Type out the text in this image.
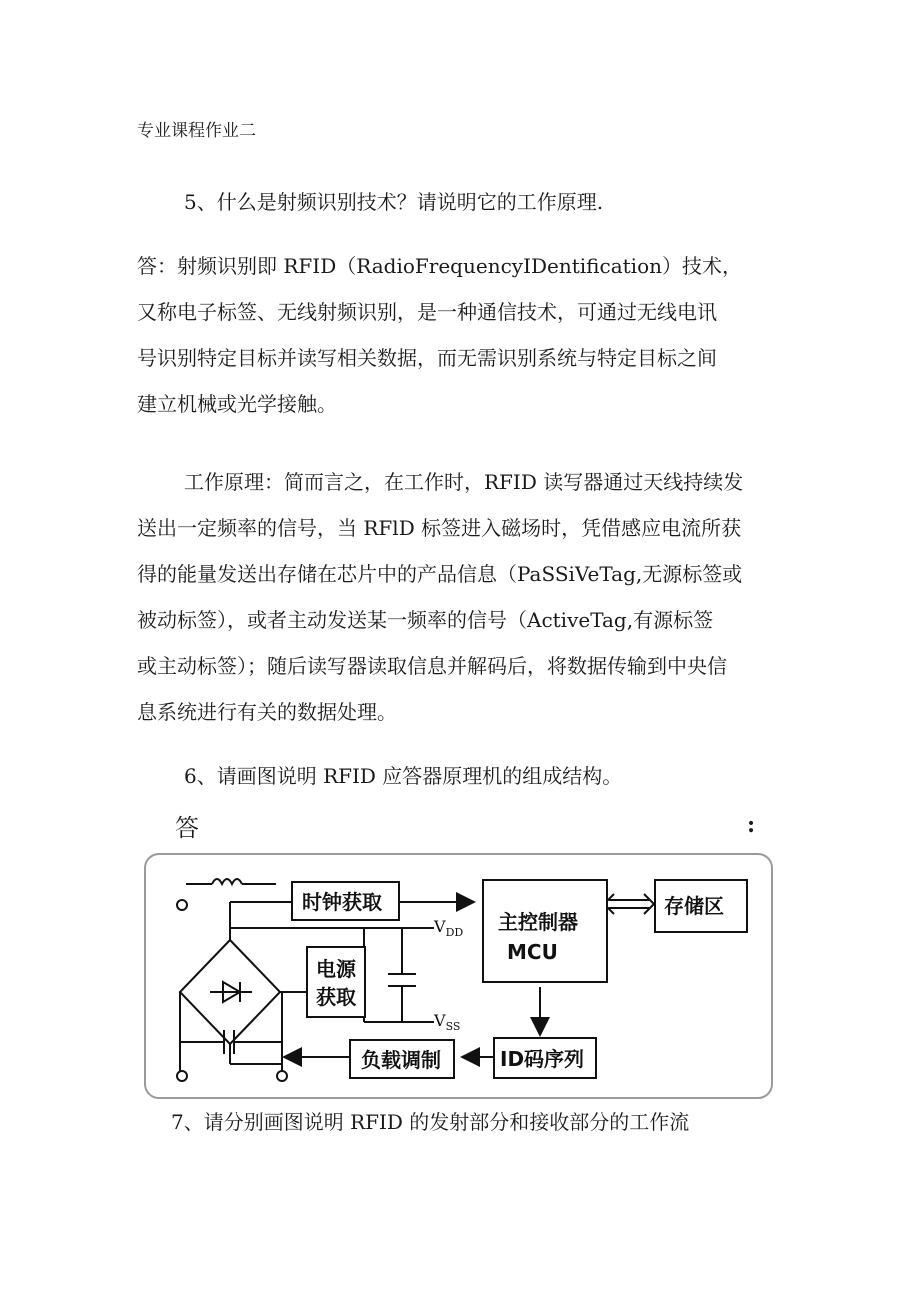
专业课程作业二
5、什么是射频识别技术？请说明它的工作原理.
答：射频识别即 RFID（RadioFrequencyIDentification）技术，
又称电子标签、无线射频识别，是一种通信技术，可通过无线电讯
号识别特定目标并读写相关数据，而无需识别系统与特定目标之间
建立机械或光学接触。
工作原理：简而言之，在工作时，RFID 读写器通过天线持续发
送出一定频率的信号，当 RFlD 标签进入磁场时，凭借感应电流所获
得的能量发送出存储在芯片中的产品信息（PaSSiVeTag,无源标签或
被动标签），或者主动发送某一频率的信号（ActiveTag,有源标签
或主动标签）；随后读写器读取信息并解码后，将数据传输到中央信
息系统进行有关的数据处理。
6、请画图说明 RFID 应答器原理机的组成结构。
答	:
时钟获取
主控制器
MCU
存储区
电源
获取
负载调制	ID码序列
$V_{DD}$
$V_{SS}$
7、请分别画图说明 RFID 的发射部分和接收部分的工作流
